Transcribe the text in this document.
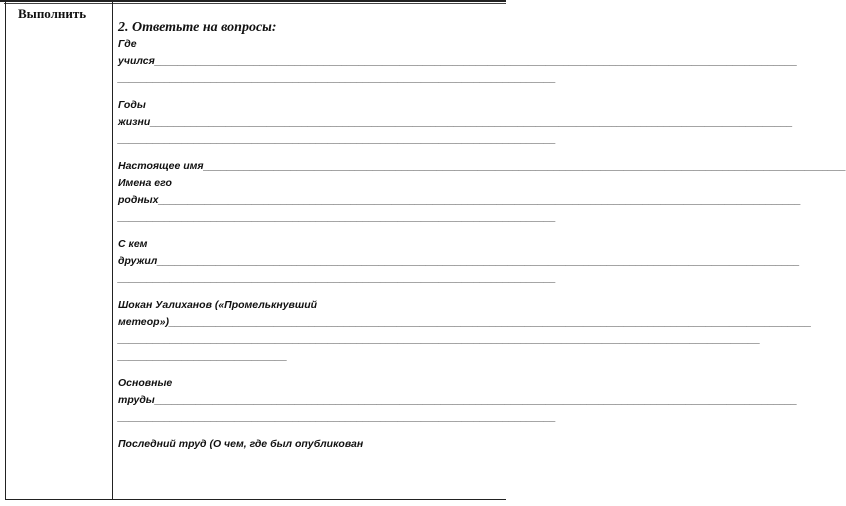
Выполнить
2. Ответьте на вопросы:
Где
учился______________________________________________________________________________________________________________
___________________________________________________________________________
Годы
жизни______________________________________________________________________________________________________________
___________________________________________________________________________
Настоящее имя______________________________________________________________________________________________________________
Имена его
родных______________________________________________________________________________________________________________
___________________________________________________________________________
С кем
дружил______________________________________________________________________________________________________________
___________________________________________________________________________
Шокан Уалиханов («Промелькнувший
метеор»)______________________________________________________________________________________________________________
______________________________________________________________________________________________________________
_____________________________
Основные
труды______________________________________________________________________________________________________________
___________________________________________________________________________
Последний труд (О чем, где был опубликован
